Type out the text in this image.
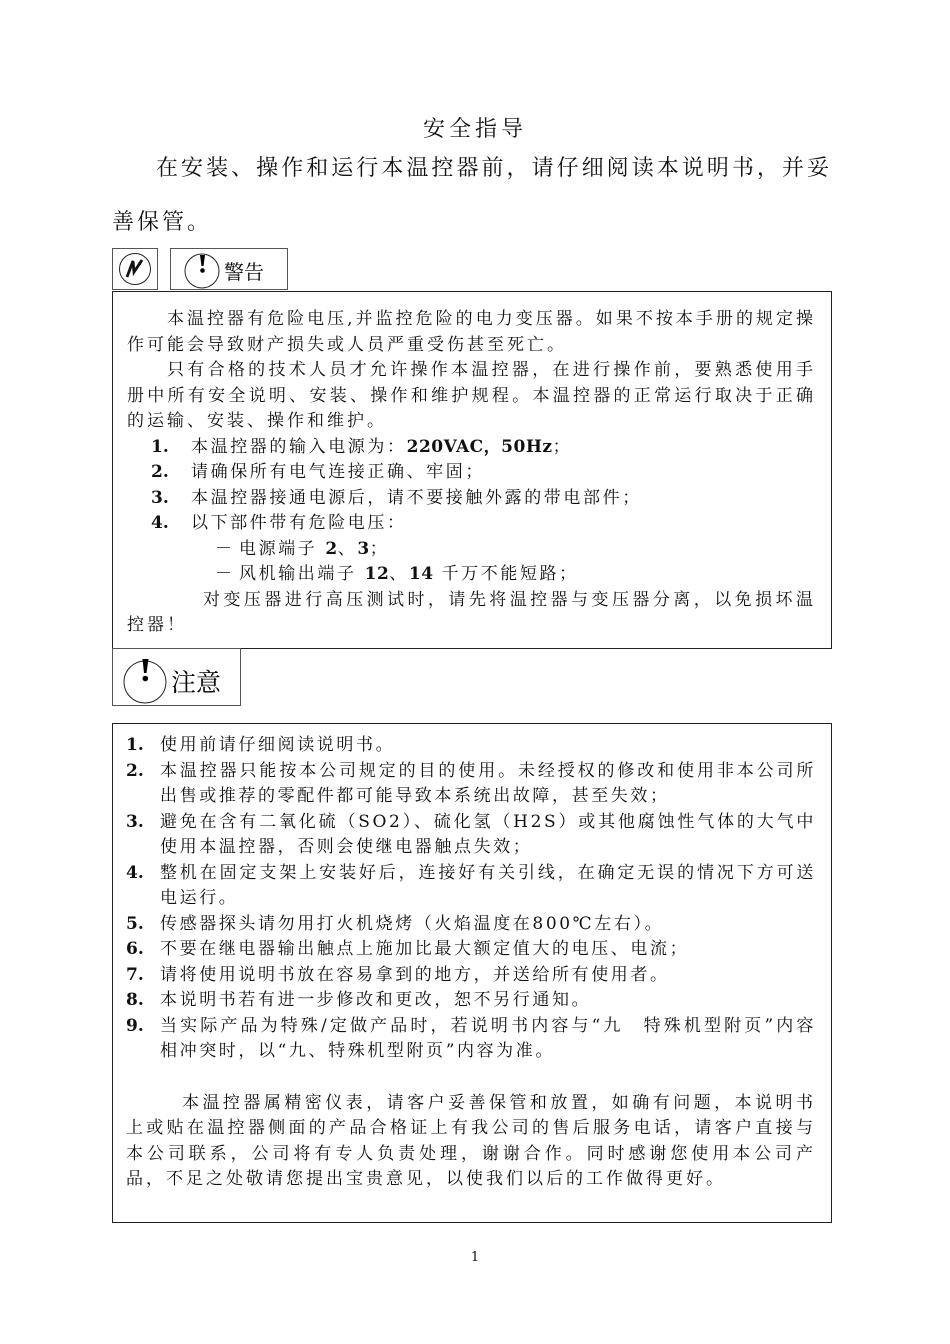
安全指导
在安装、操作和运行本温控器前，请仔细阅读本说明书，并妥善保管。
警告

本温控器有危险电压,并监控危险的电力变压器。如果不按本手册的规定操作可能会导致财产损失或人员严重受伤甚至死亡。

只有合格的技术人员才允许操作本温控器，在进行操作前，要熟悉使用手册中所有安全说明、安装、操作和维护规程。本温控器的正常运行取决于正确的运输、安装、操作和维护。

1.	本温控器的输入电源为：220VAC，50Hz；
2.	请确保所有电气连接正确、牢固；
3.	本温控器接通电源后，请不要接触外露的带电部件；
4.	以下部件带有危险电压：
－ 电源端子 2、3；
－ 风机输出端子 12、14 千万不能短路；

对变压器进行高压测试时，请先将温控器与变压器分离，以免损坏温控器！

注意
1. 使用前请仔细阅读说明书。
2. 本温控器只能按本公司规定的目的使用。未经授权的修改和使用非本公司所出售或推荐的零配件都可能导致本系统出故障，甚至失效；
3. 避免在含有二氧化硫（SO2）、硫化氢（H2S）或其他腐蚀性气体的大气中使用本温控器，否则会使继电器触点失效；
4. 整机在固定支架上安装好后，连接好有关引线，在确定无误的情况下方可送电运行。
5. 传感器探头请勿用打火机烧烤（火焰温度在800℃左右）。
6. 不要在继电器输出触点上施加比最大额定值大的电压、电流；
7. 请将使用说明书放在容易拿到的地方，并送给所有使用者。
8. 本说明书若有进一步修改和更改，恕不另行通知。
9. 当实际产品为特殊/定做产品时，若说明书内容与“九　特殊机型附页”内容相冲突时，以“九、特殊机型附页”内容为准。

本温控器属精密仪表，请客户妥善保管和放置，如确有问题，本说明书上或贴在温控器侧面的产品合格证上有我公司的售后服务电话，请客户直接与本公司联系，公司将有专人负责处理，谢谢合作。同时感谢您使用本公司产品，不足之处敬请您提出宝贵意见，以使我们以后的工作做得更好。

1
